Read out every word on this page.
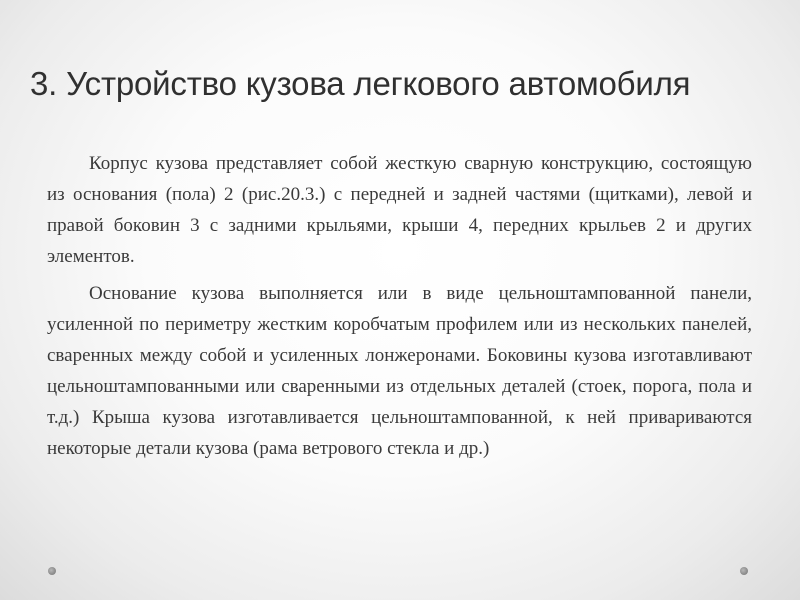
3. Устройство кузова легкового автомобиля

Корпус кузова представляет собой жесткую сварную конструкцию, состоящую из основания (пола) 2 (рис.20.3.) с передней и задней частями (щитками), левой и правой боковин 3 с задними крыльями, крыши 4, передних крыльев 2 и других элементов.

Основание кузова выполняется или в виде цельноштампованной панели, усиленной по периметру жестким коробчатым профилем или из нескольких панелей, сваренных между собой и усиленных лонжеронами. Боковины кузова изготавливают цельноштампованными или сваренными из отдельных деталей (стоек, порога, пола и т.д.) Крыша кузова изготавливается цельноштампованной, к ней привариваются некоторые детали кузова (рама ветрового стекла и др.)
